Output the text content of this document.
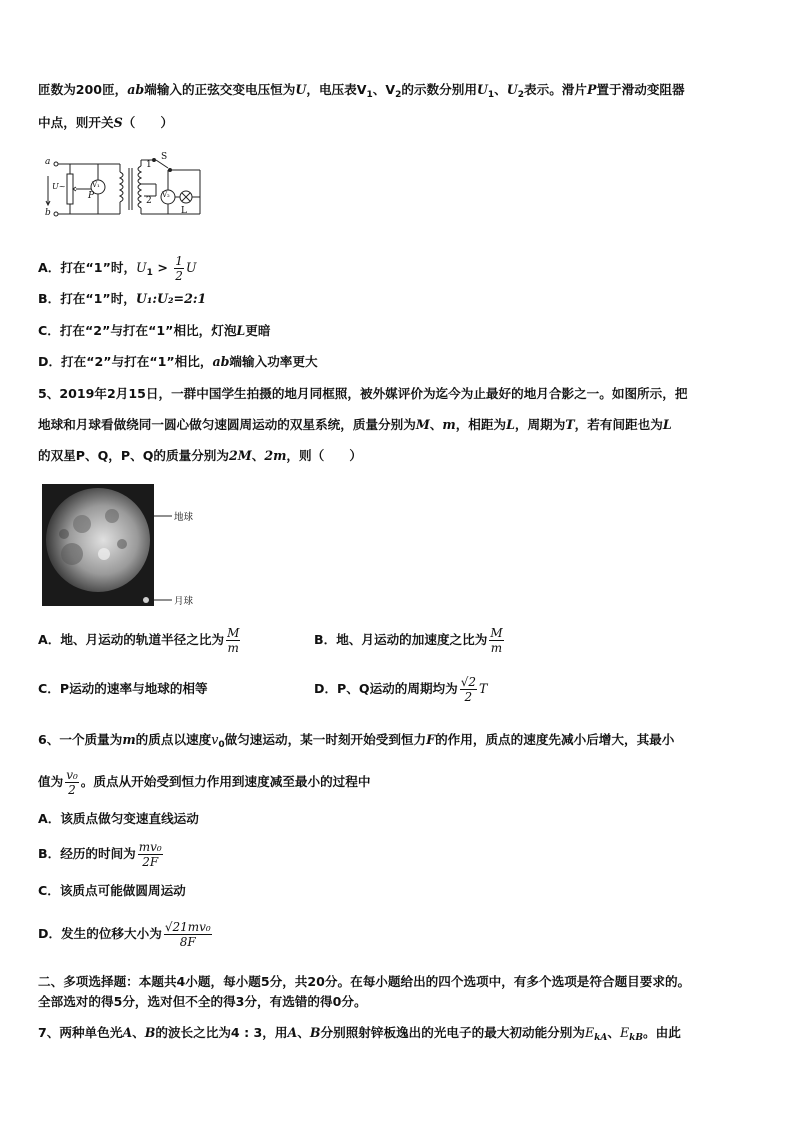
匝数为200匝，ab端输入的正弦交变电压恒为U，电压表$V_1$、$V_2$的示数分别用$U_1$、$U_2$表示。滑片P置于滑动变阻器
中点，则开关S（　　）
a
b
U~
P
V₁
1
2
S
V₂
L
A．打在“1”时，$U_1 > \frac{1}{2}$ U
B．打在“1”时，U₁:U₂=2:1
C．打在“2”与打在“1”相比，灯泡L更暗
D．打在“2”与打在“1”相比，ab端输入功率更大
5、2019年2月15日，一群中国学生拍摄的地月同框照，被外媒评价为迄今为止最好的地月合影之一。如图所示，把
地球和月球看做绕同一圆心做匀速圆周运动的双星系统，质量分别为M、m，相距为L，周期为T，若有间距也为L
的双星P、Q，P、Q的质量分别为2M、2m，则（　　）
地球
月球
A．地、月运动的轨道半径之比为 $\frac{M}{m}$	B．地、月运动的加速度之比为 $\frac{M}{m}$
C．P运动的速率与地球的相等	D．P、Q运动的周期均为 $\frac{√2}{2}$ T
6、一个质量为m的质点以速度$v_0$做匀速运动，某一时刻开始受到恒力F的作用，质点的速度先减小后增大，其最小
值为 $\frac{\text{v₀}}{2}$ 。质点从开始受到恒力作用到速度减至最小的过程中
A．该质点做匀变速直线运动
B．经历的时间为 $\frac{\text{mv₀}}{2F}$
C．该质点可能做圆周运动
D．发生的位移大小为 $\frac{\text{√21mv₀}}{8F}$
二、多项选择题：本题共4小题，每小题5分，共20分。在每小题给出的四个选项中，有多个选项是符合题目要求的。
全部选对的得5分，选对但不全的得3分，有选错的得0分。
7、两种单色光A、B的波长之比为4 : 3，用A、B分别照射锌板逸出的光电子的最大初动能分别为$E_{kA}$、$E_{kB}$。由此
